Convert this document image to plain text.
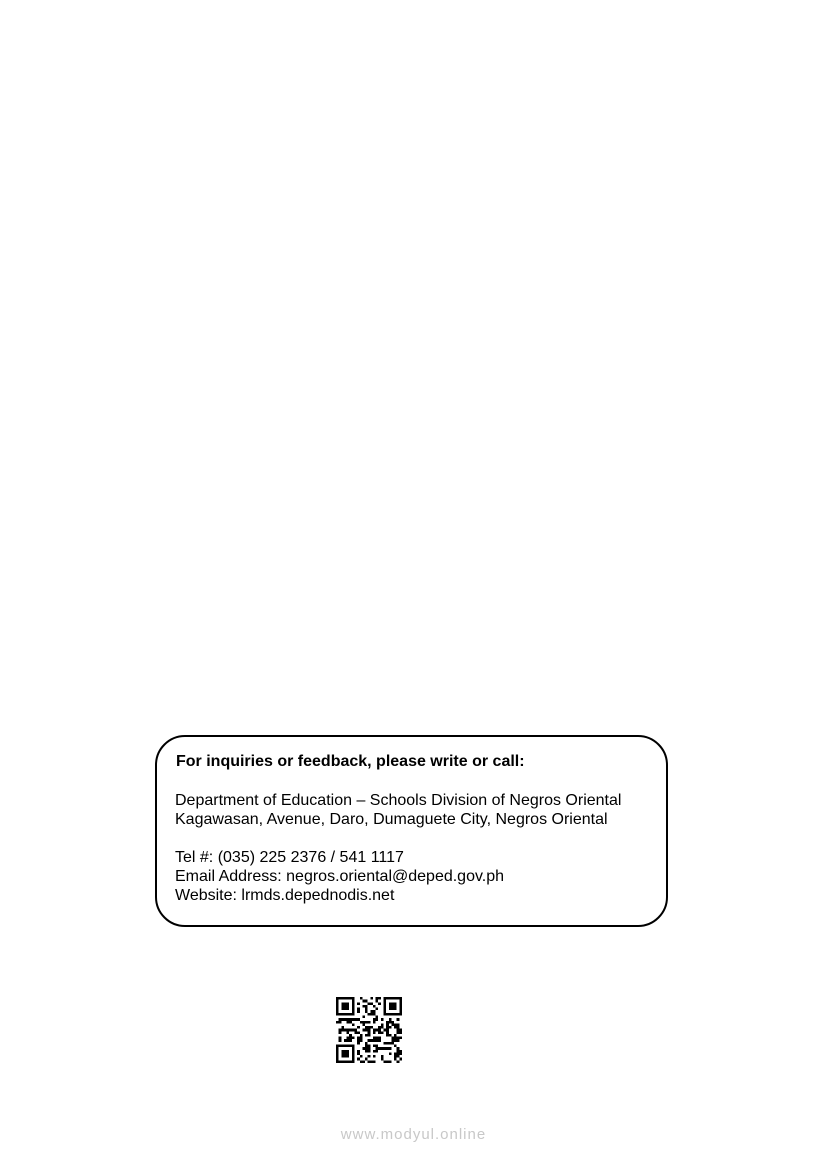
For inquiries or feedback, please write or call:
Department of Education – Schools Division of Negros Oriental
Kagawasan, Avenue, Daro, Dumaguete City, Negros Oriental
Tel #: (035) 225 2376 / 541 1117
Email Address: negros.oriental@deped.gov.ph
Website: lrmds.depednodis.net
www.modyul.online
